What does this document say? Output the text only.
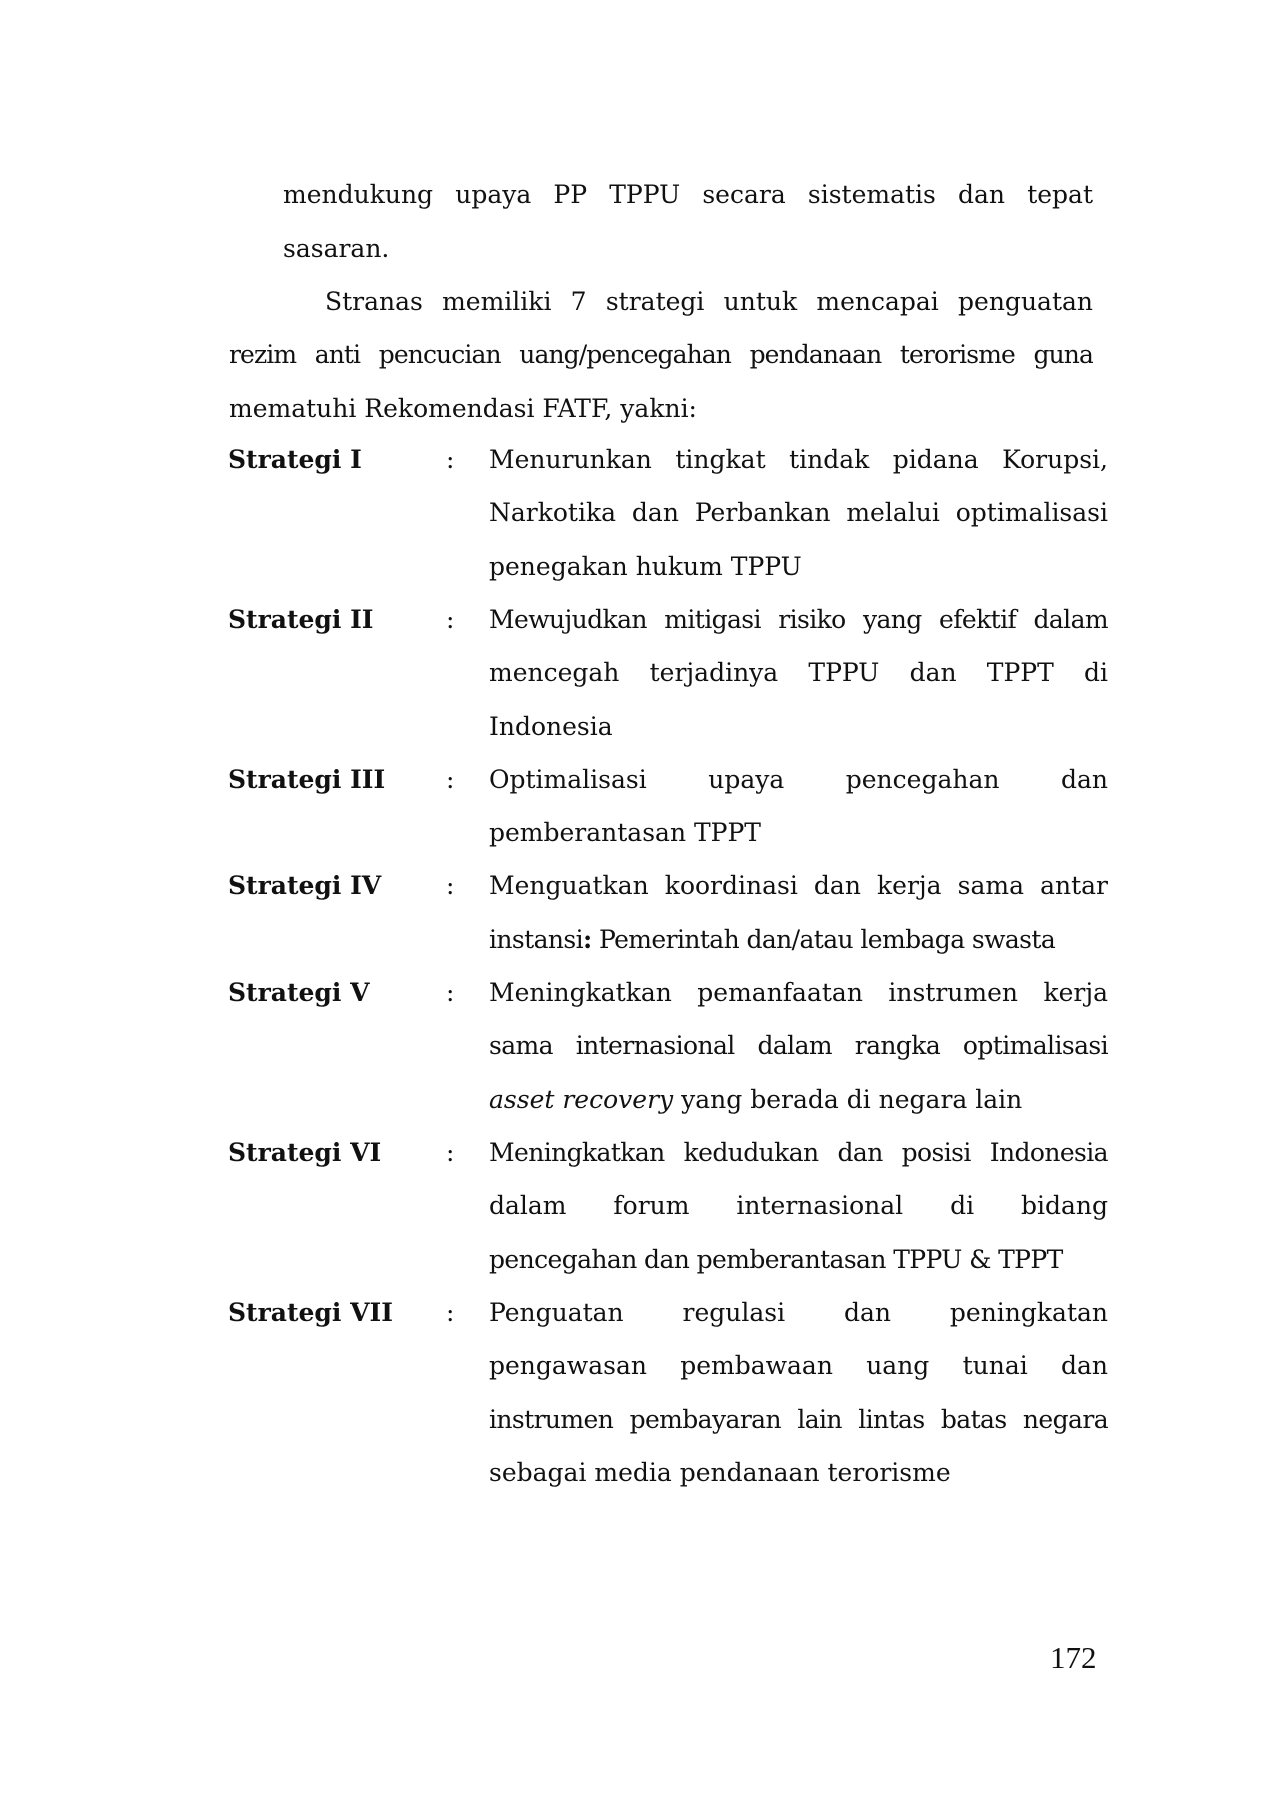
mendukung upaya PP TPPU secara sistematis dan tepat
sasaran.
Stranas memiliki 7 strategi untuk mencapai penguatan
rezim anti pencucian uang/pencegahan pendanaan terorisme guna
mematuhi Rekomendasi FATF, yakni:
Strategi I	: Menurunkan tingkat tindak pidana Korupsi,
Narkotika dan Perbankan melalui optimalisasi
penegakan hukum TPPU
Strategi II	: Mewujudkan mitigasi risiko yang efektif dalam
mencegah terjadinya TPPU dan TPPT di
Indonesia
Strategi III : Optimalisasi upaya pencegahan dan
pemberantasan TPPT
Strategi IV	: Menguatkan koordinasi dan kerja sama antar
instansi: Pemerintah dan/atau lembaga swasta
Strategi V	: Meningkatkan pemanfaatan instrumen kerja
sama internasional dalam rangka optimalisasi
asset recovery yang berada di negara lain
Strategi VI	: Meningkatkan kedudukan dan posisi Indonesia
dalam forum internasional di bidang
pencegahan dan pemberantasan TPPU & TPPT
Strategi VII : Penguatan regulasi dan peningkatan
pengawasan pembawaan uang tunai dan
instrumen pembayaran lain lintas batas negara
sebagai media pendanaan terorisme
172
